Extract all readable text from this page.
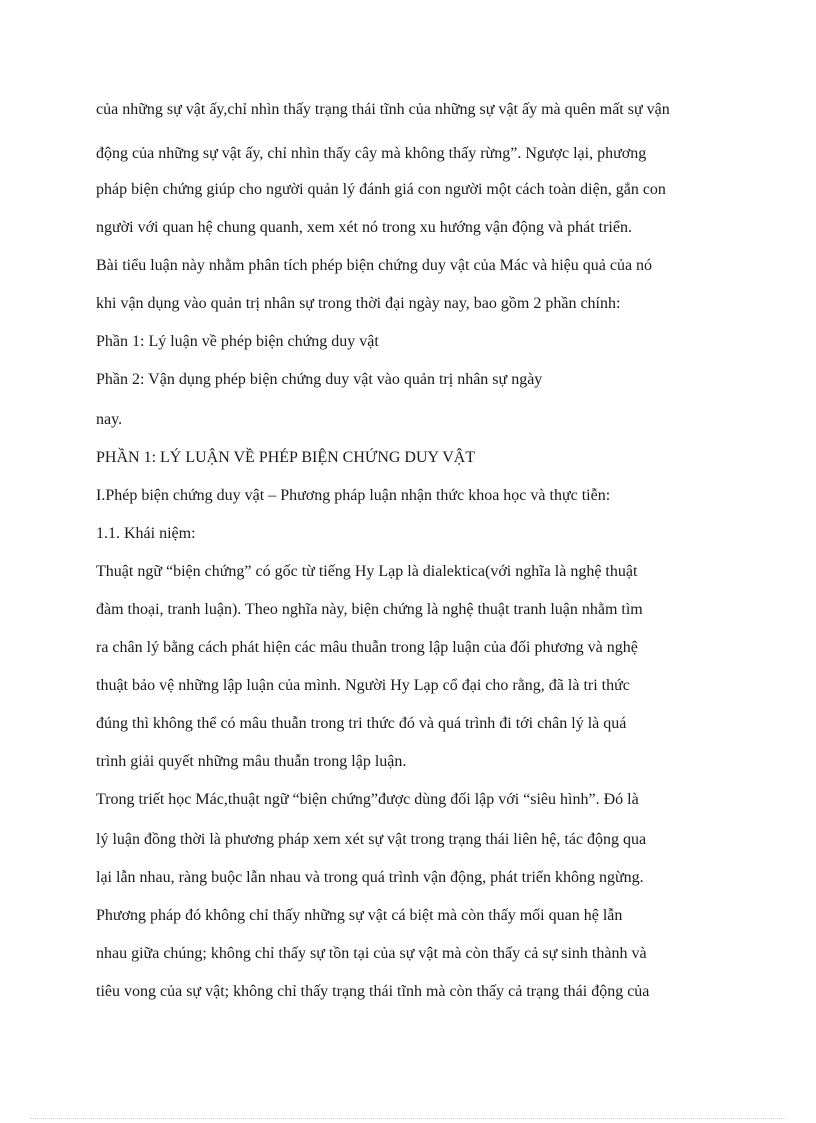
của những sự vật ấy,chỉ nhìn thấy trạng thái tĩnh của những sự vật ấy mà quên mất sự vận
động của những sự vật ấy, chỉ nhìn thấy cây mà không thấy rừng”. Ngược lại, phương
pháp biện chứng giúp cho người quản lý đánh giá con người một cách toàn diện, gắn con
người với quan hệ chung quanh, xem xét nó trong xu hướng vận động và phát triển.
Bài tiểu luận này nhằm phân tích phép biện chứng duy vật của Mác và hiệu quả của nó
khi vận dụng vào quản trị nhân sự trong thời đại ngày nay, bao gồm 2 phần chính:
Phần 1: Lý luận về phép biện chứng duy vật
Phần 2: Vận dụng phép biện chứng duy vật vào quản trị nhân sự ngày
nay.
PHẦN 1: LÝ LUẬN VỀ PHÉP BIỆN CHỨNG DUY VẬT
I.Phép biện chứng duy vật – Phương pháp luận nhận thức khoa học và thực tiễn:
1.1. Khái niệm:
Thuật ngữ “biện chứng” có gốc từ tiếng Hy Lạp là dialektica(với nghĩa là nghệ thuật
đàm thoại, tranh luận). Theo nghĩa này, biện chứng là nghệ thuật tranh luận nhằm tìm
ra chân lý bằng cách phát hiện các mâu thuẫn trong lập luận của đối phương và nghệ
thuật bảo vệ những lập luận của mình. Người Hy Lạp cổ đại cho rằng, đã là tri thức
đúng thì không thể có mâu thuẫn trong tri thức đó và quá trình đi tới chân lý là quá
trình giải quyết những mâu thuẫn trong lập luận.
Trong triết học Mác,thuật ngữ “biện chứng”được dùng đối lập với “siêu hình”. Đó là
lý luận đồng thời là phương pháp xem xét sự vật trong trạng thái liên hệ, tác động qua
lại lẫn nhau, ràng buộc lẫn nhau và trong quá trình vận động, phát triển không ngừng.
Phương pháp đó không chỉ thấy những sự vật cá biệt mà còn thấy mối quan hệ lẫn
nhau giữa chúng; không chỉ thấy sự tồn tại của sự vật mà còn thấy cả sự sinh thành và
tiêu vong của sự vật; không chỉ thấy trạng thái tĩnh mà còn thấy cả trạng thái động của
